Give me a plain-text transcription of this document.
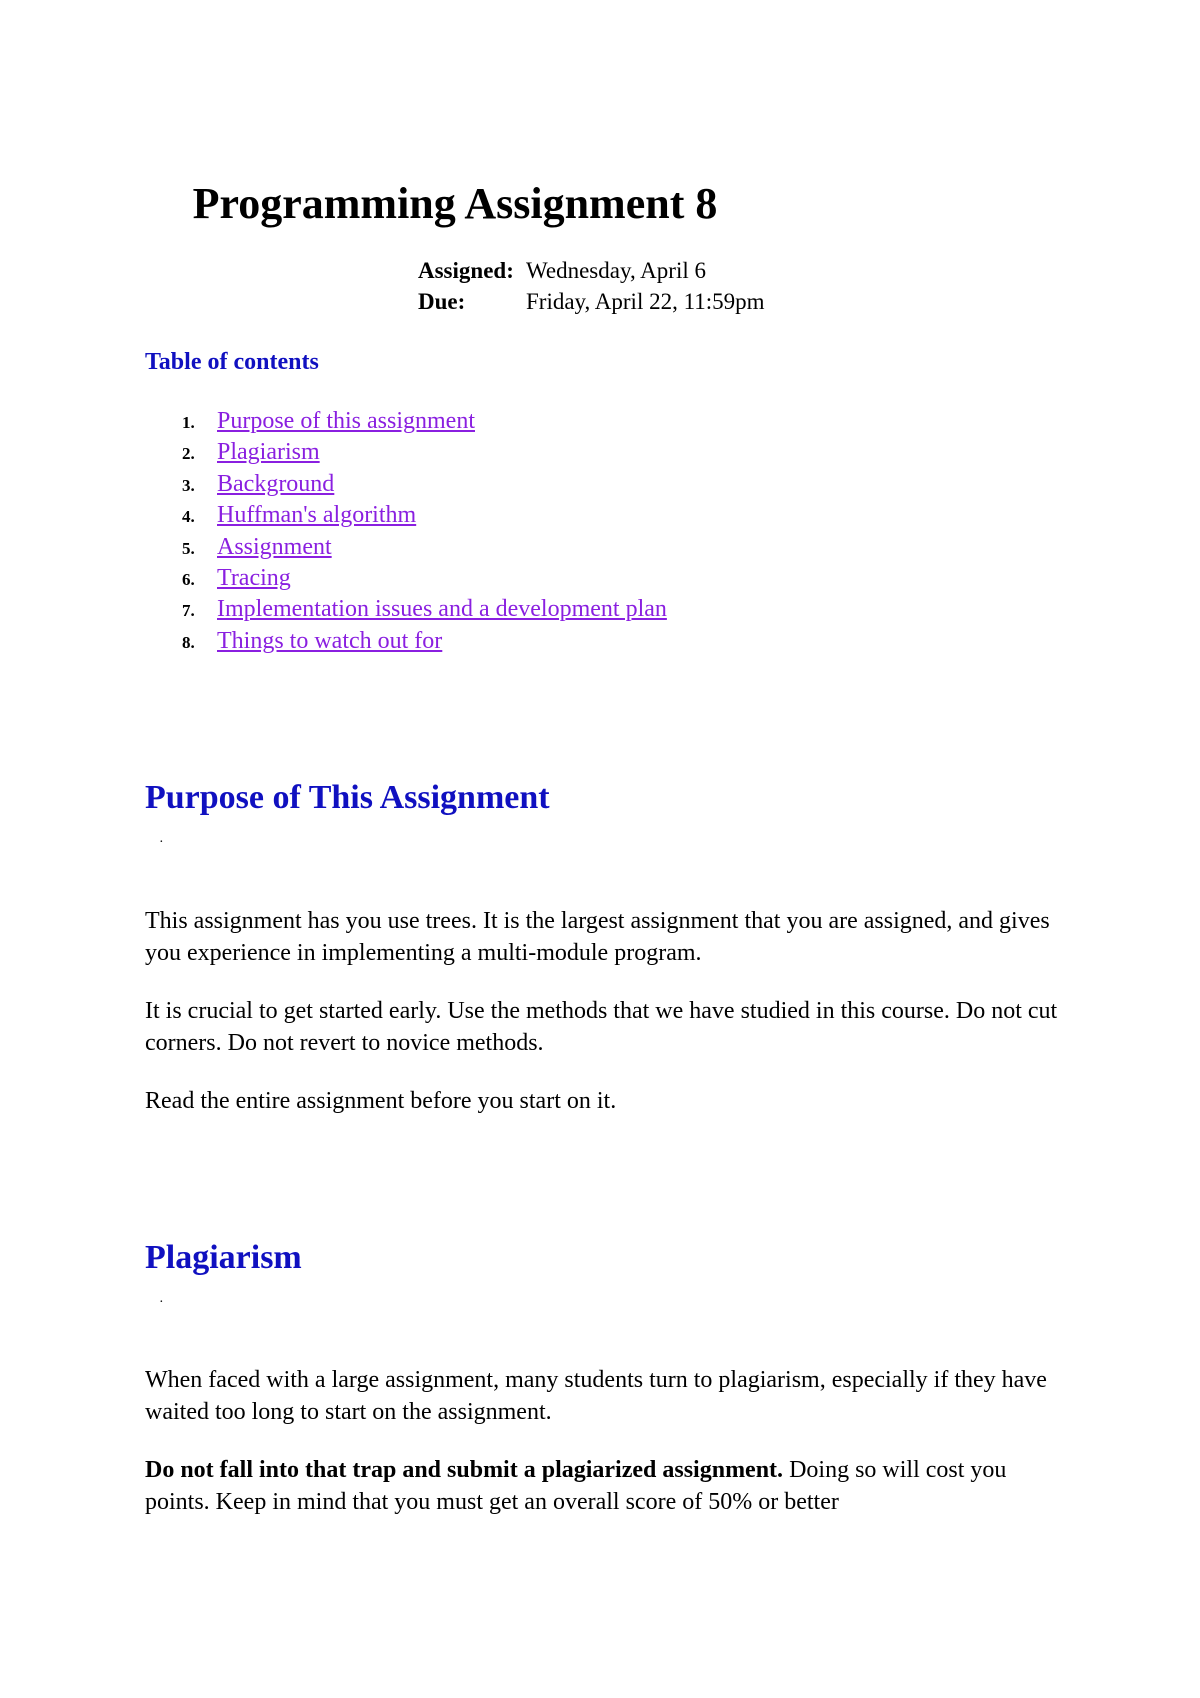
Programming Assignment 8
Assigned:	Wednesday, April 6
Due:	Friday, April 22, 11:59pm
Table of contents
1. Purpose of this assignment
2. Plagiarism
3. Background
4. Huffman's algorithm
5. Assignment
6. Tracing
7. Implementation issues and a development plan
8. Things to watch out for
Purpose of This Assignment
·

This assignment has you use trees. It is the largest assignment that you are assigned, and gives you experience in implementing a multi-module program.

It is crucial to get started early. Use the methods that we have studied in this course. Do not cut corners. Do not revert to novice methods.

Read the entire assignment before you start on it.

Plagiarism
·

When faced with a large assignment, many students turn to plagiarism, especially if they have waited too long to start on the assignment.

Do not fall into that trap and submit a plagiarized assignment. Doing so will cost you points. Keep in mind that you must get an overall score of 50% or better
